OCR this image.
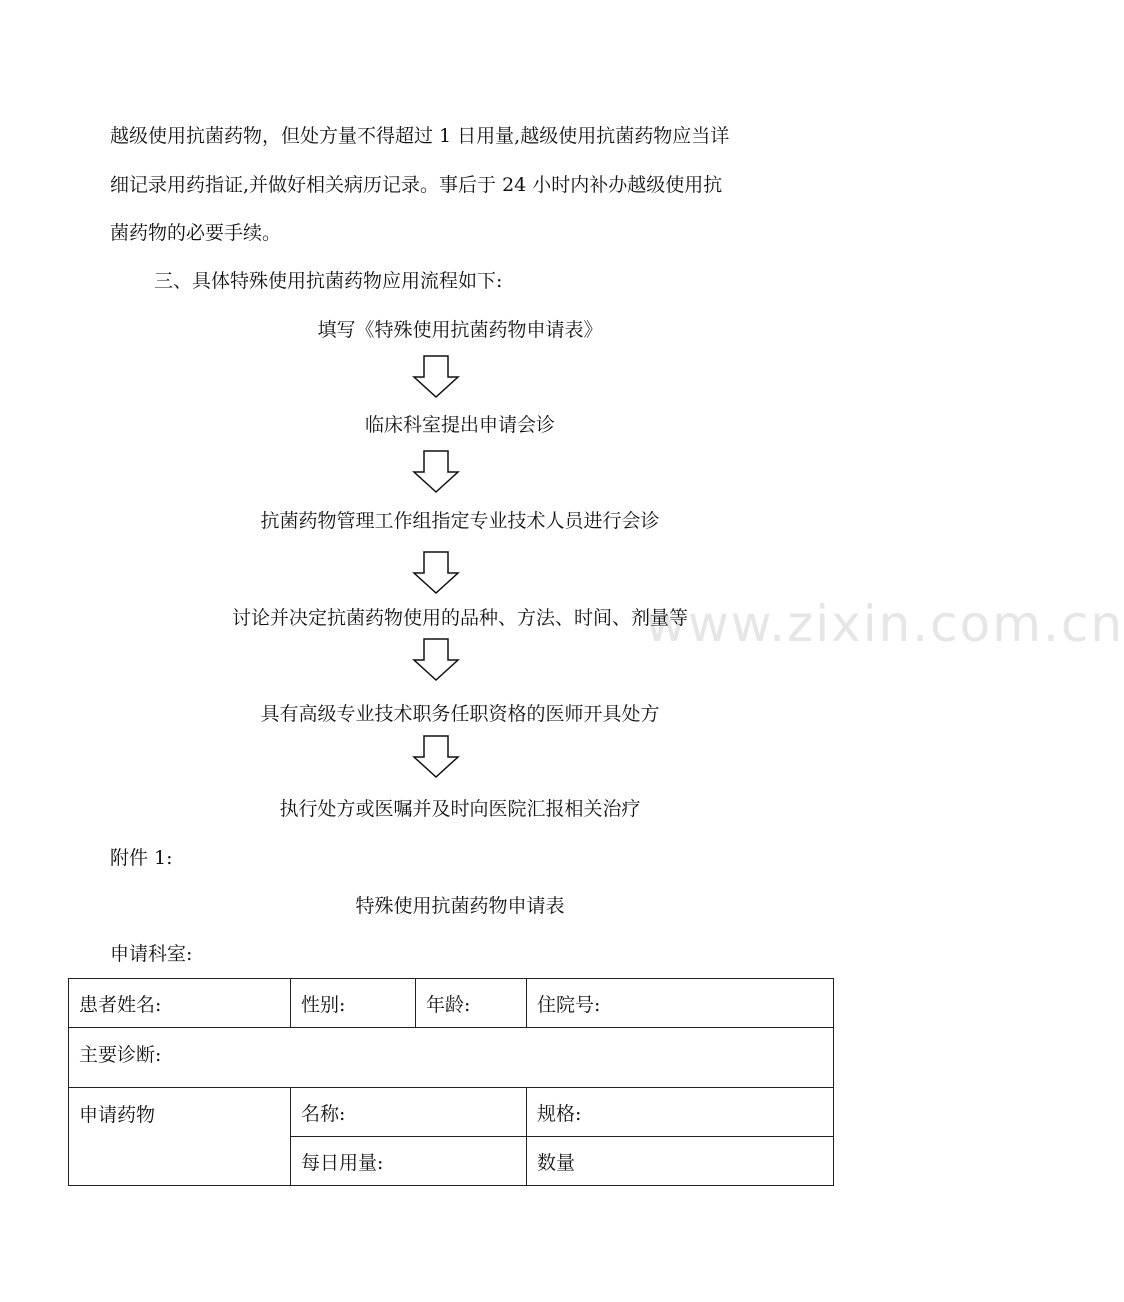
www.zixin.com.cn
越级使用抗菌药物，但处方量不得超过 1 日用量,越级使用抗菌药物应当详
细记录用药指证,并做好相关病历记录。事后于 24 小时内补办越级使用抗
菌药物的必要手续。
三、具体特殊使用抗菌药物应用流程如下:
填写《特殊使用抗菌药物申请表》
临床科室提出申请会诊
抗菌药物管理工作组指定专业技术人员进行会诊
讨论并决定抗菌药物使用的品种、方法、时间、剂量等
具有高级专业技术职务任职资格的医师开具处方
执行处方或医嘱并及时向医院汇报相关治疗
附件 1:
特殊使用抗菌药物申请表
申请科室:
患者姓名:	性别:	年龄:	住院号:
主要诊断:			
申请药物	名称:		规格:
	每日用量:		数量
